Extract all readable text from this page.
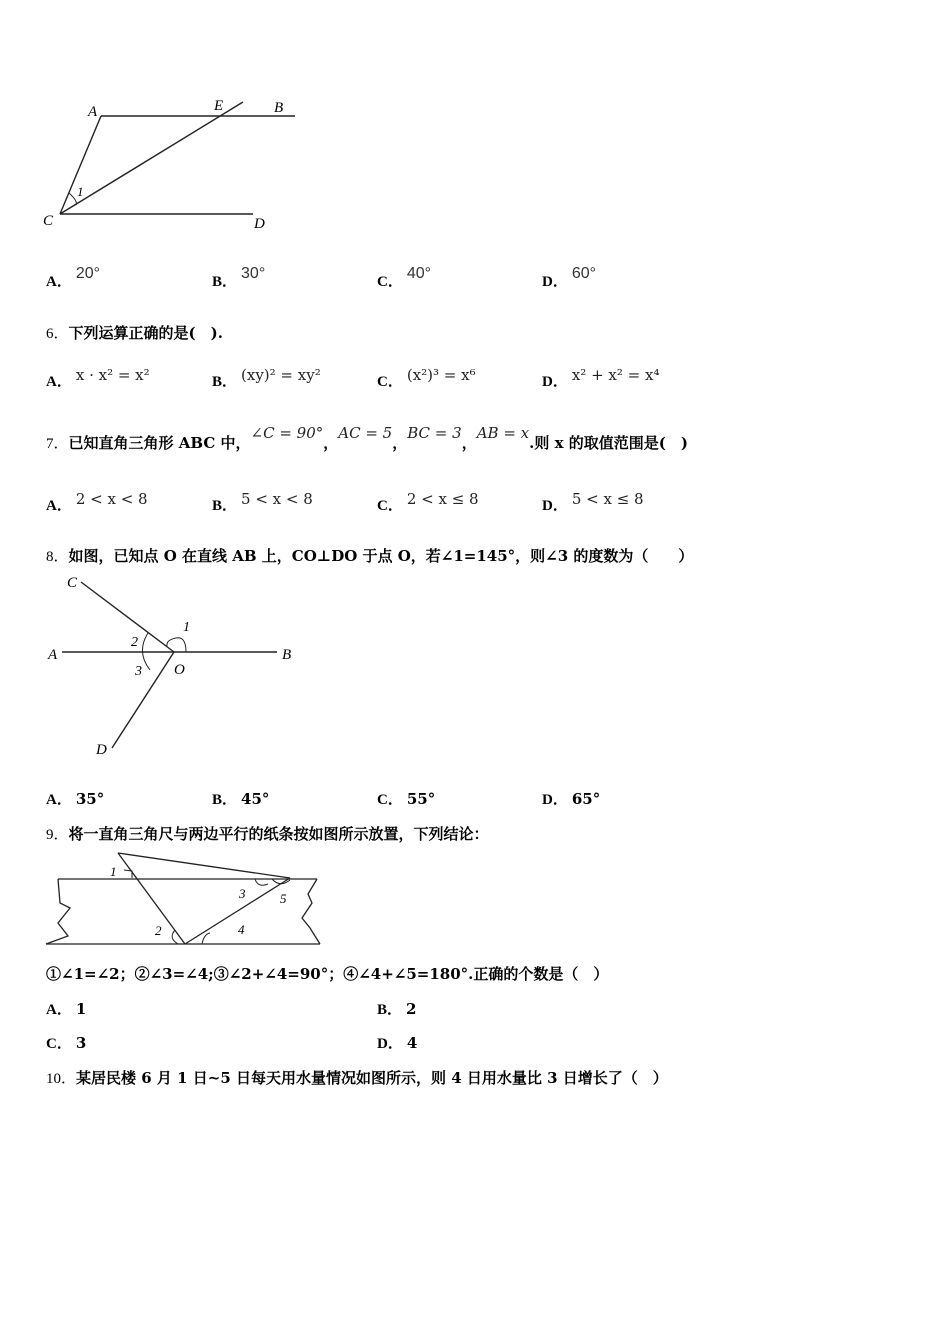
A	E	B
1
C	D
A． 20°	B． 30°	C． 40°	D． 60°
6．下列运算正确的是(　).
A． x · x² = x²	B． (xy)² = xy²	C． (x²)³ = x⁶	D． x² + x² = x⁴
7．已知直角三角形 ABC 中，∠C = 90°，AC = 5，BC = 3，AB = x.则 x 的取值范围是(　)
A． 2 < x < 8	B． 5 < x < 8	C． 2 < x ≤ 8	D． 5 < x ≤ 8
8．如图，已知点 O 在直线 AB 上，CO⊥DO 于点 O，若∠1=145°，则∠3 的度数为（　　）
C
A
2
1
3 O
B
D
A． 35°	B． 45°	C． 55°	D． 65°
9．将一直角三角尺与两边平行的纸条按如图所示放置，下列结论：
1
3	5
2	4
①∠1=∠2；②∠3=∠4;③∠2+∠4=90°；④∠4+∠5=180°.正确的个数是（　）
A． 1	B． 2
C． 3	D． 4
10．某居民楼 6 月 1 日~5 日每天用水量情况如图所示，则 4 日用水量比 3 日增长了（　）
